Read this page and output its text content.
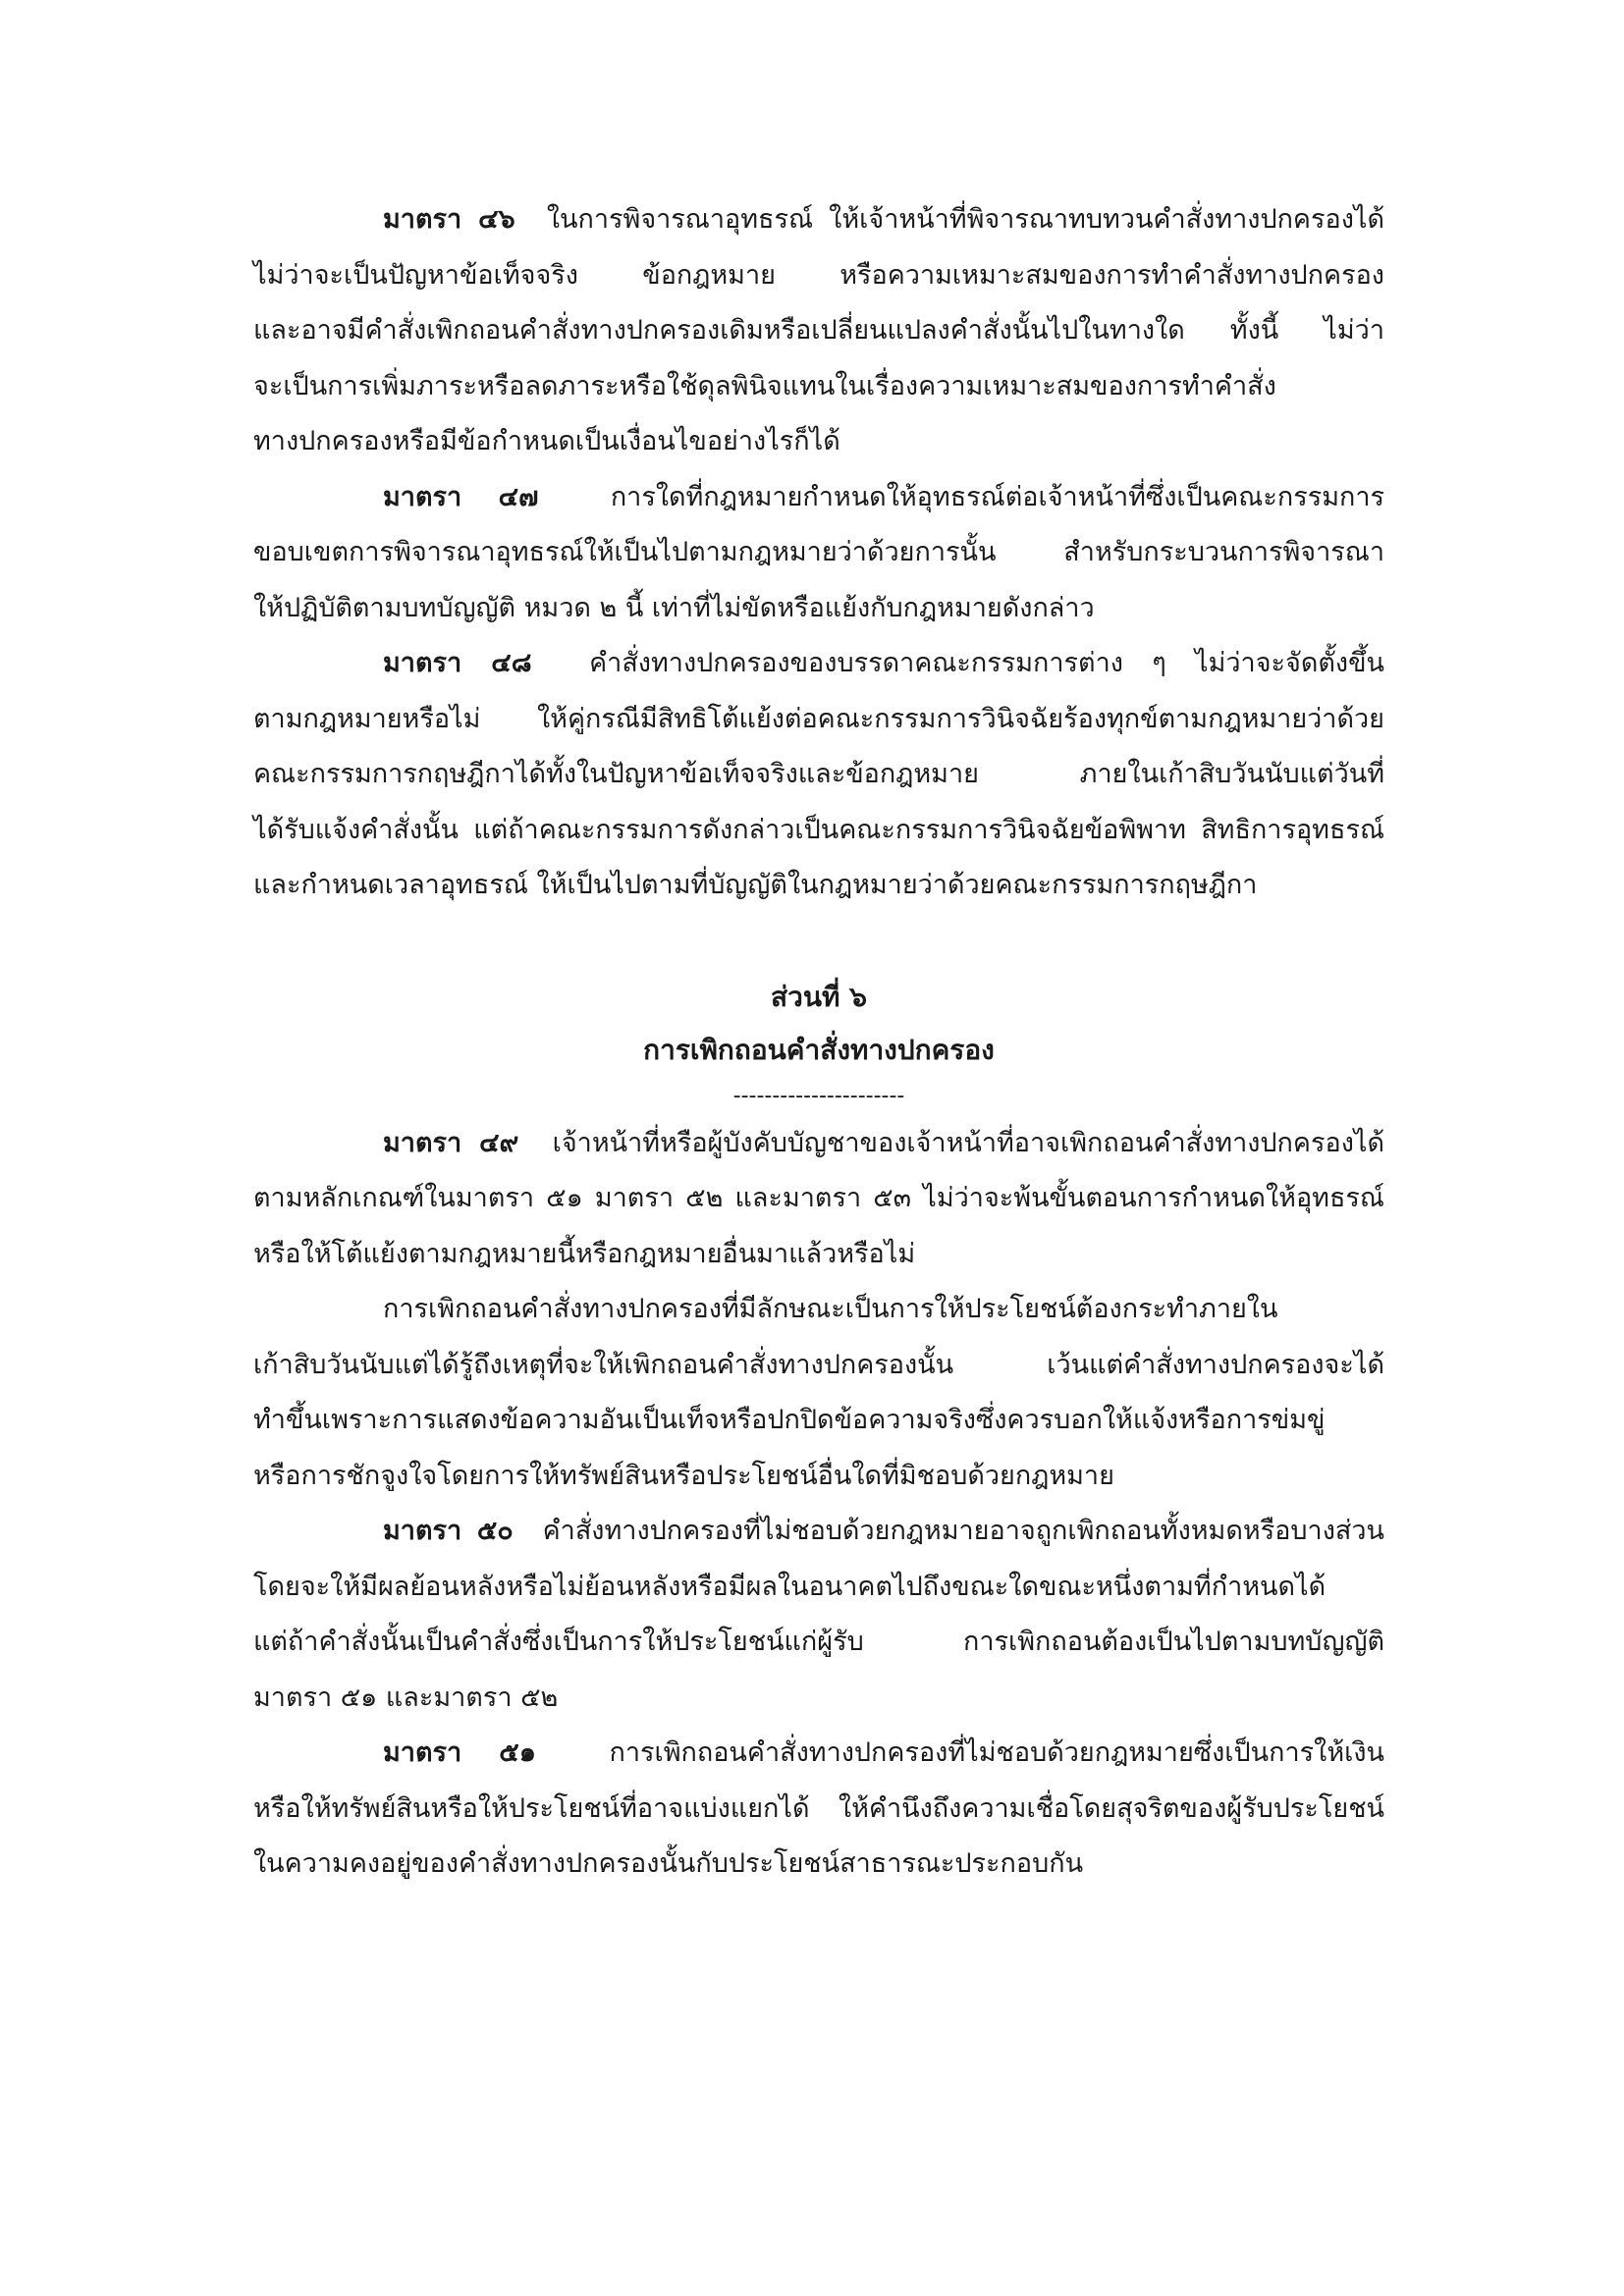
มาตรา ๔๖ ในการพิจารณาอุทธรณ์ ให้เจ้าหน้าที่พิจารณาทบทวนคำสั่งทางปกครองได้
ไม่ว่าจะเป็นปัญหาข้อเท็จจริง ข้อกฎหมาย หรือความเหมาะสมของการทำคำสั่งทางปกครอง
และอาจมีคำสั่งเพิกถอนคำสั่งทางปกครองเดิมหรือเปลี่ยนแปลงคำสั่งนั้นไปในทางใด ทั้งนี้ ไม่ว่า
จะเป็นการเพิ่มภาระหรือลดภาระหรือใช้ดุลพินิจแทนในเรื่องความเหมาะสมของการทำคำสั่ง
ทางปกครองหรือมีข้อกำหนดเป็นเงื่อนไขอย่างไรก็ได้
มาตรา ๔๗	การใดที่กฎหมายกำหนดให้อุทธรณ์ต่อเจ้าหน้าที่ซึ่งเป็นคณะกรรมการ
ขอบเขตการพิจารณาอุทธรณ์ให้เป็นไปตามกฎหมายว่าด้วยการนั้น สำหรับกระบวนการพิจารณา
ให้ปฏิบัติตามบทบัญญัติ หมวด ๒ นี้ เท่าที่ไม่ขัดหรือแย้งกับกฎหมายดังกล่าว
มาตรา ๔๘ คำสั่งทางปกครองของบรรดาคณะกรรมการต่าง ๆ ไม่ว่าจะจัดตั้งขึ้น
ตามกฎหมายหรือไม่ ให้คู่กรณีมีสิทธิโต้แย้งต่อคณะกรรมการวินิจฉัยร้องทุกข์ตามกฎหมายว่าด้วย
คณะกรรมการกฤษฎีกาได้ทั้งในปัญหาข้อเท็จจริงและข้อกฎหมาย ภายในเก้าสิบวันนับแต่วันที่
ได้รับแจ้งคำสั่งนั้น แต่ถ้าคณะกรรมการดังกล่าวเป็นคณะกรรมการวินิจฉัยข้อพิพาท สิทธิการอุทธรณ์
และกำหนดเวลาอุทธรณ์ ให้เป็นไปตามที่บัญญัติในกฎหมายว่าด้วยคณะกรรมการกฤษฎีกา

ส่วนที่ ๖

การเพิกถอนคำสั่งทางปกครอง

----------------------

มาตรา ๔๙ เจ้าหน้าที่หรือผู้บังคับบัญชาของเจ้าหน้าที่อาจเพิกถอนคำสั่งทางปกครองได้
ตามหลักเกณฑ์ในมาตรา ๕๑ มาตรา ๕๒ และมาตรา ๕๓ ไม่ว่าจะพ้นขั้นตอนการกำหนดให้อุทธรณ์
หรือให้โต้แย้งตามกฎหมายนี้หรือกฎหมายอื่นมาแล้วหรือไม่
การเพิกถอนคำสั่งทางปกครองที่มีลักษณะเป็นการให้ประโยชน์ต้องกระทำภายใน
เก้าสิบวันนับแต่ได้รู้ถึงเหตุที่จะให้เพิกถอนคำสั่งทางปกครองนั้น เว้นแต่คำสั่งทางปกครองจะได้
ทำขึ้นเพราะการแสดงข้อความอันเป็นเท็จหรือปกปิดข้อความจริงซึ่งควรบอกให้แจ้งหรือการข่มขู่
หรือการชักจูงใจโดยการให้ทรัพย์สินหรือประโยชน์อื่นใดที่มิชอบด้วยกฎหมาย
มาตรา ๕๐ คำสั่งทางปกครองที่ไม่ชอบด้วยกฎหมายอาจถูกเพิกถอนทั้งหมดหรือบางส่วน
โดยจะให้มีผลย้อนหลังหรือไม่ย้อนหลังหรือมีผลในอนาคตไปถึงขณะใดขณะหนึ่งตามที่กำหนดได้
แต่ถ้าคำสั่งนั้นเป็นคำสั่งซึ่งเป็นการให้ประโยชน์แก่ผู้รับ การเพิกถอนต้องเป็นไปตามบทบัญญัติ
มาตรา ๕๑ และมาตรา ๕๒
มาตรา ๕๑	การเพิกถอนคำสั่งทางปกครองที่ไม่ชอบด้วยกฎหมายซึ่งเป็นการให้เงิน
หรือให้ทรัพย์สินหรือให้ประโยชน์ที่อาจแบ่งแยกได้ ให้คำนึงถึงความเชื่อโดยสุจริตของผู้รับประโยชน์
ในความคงอยู่ของคำสั่งทางปกครองนั้นกับประโยชน์สาธารณะประกอบกัน
